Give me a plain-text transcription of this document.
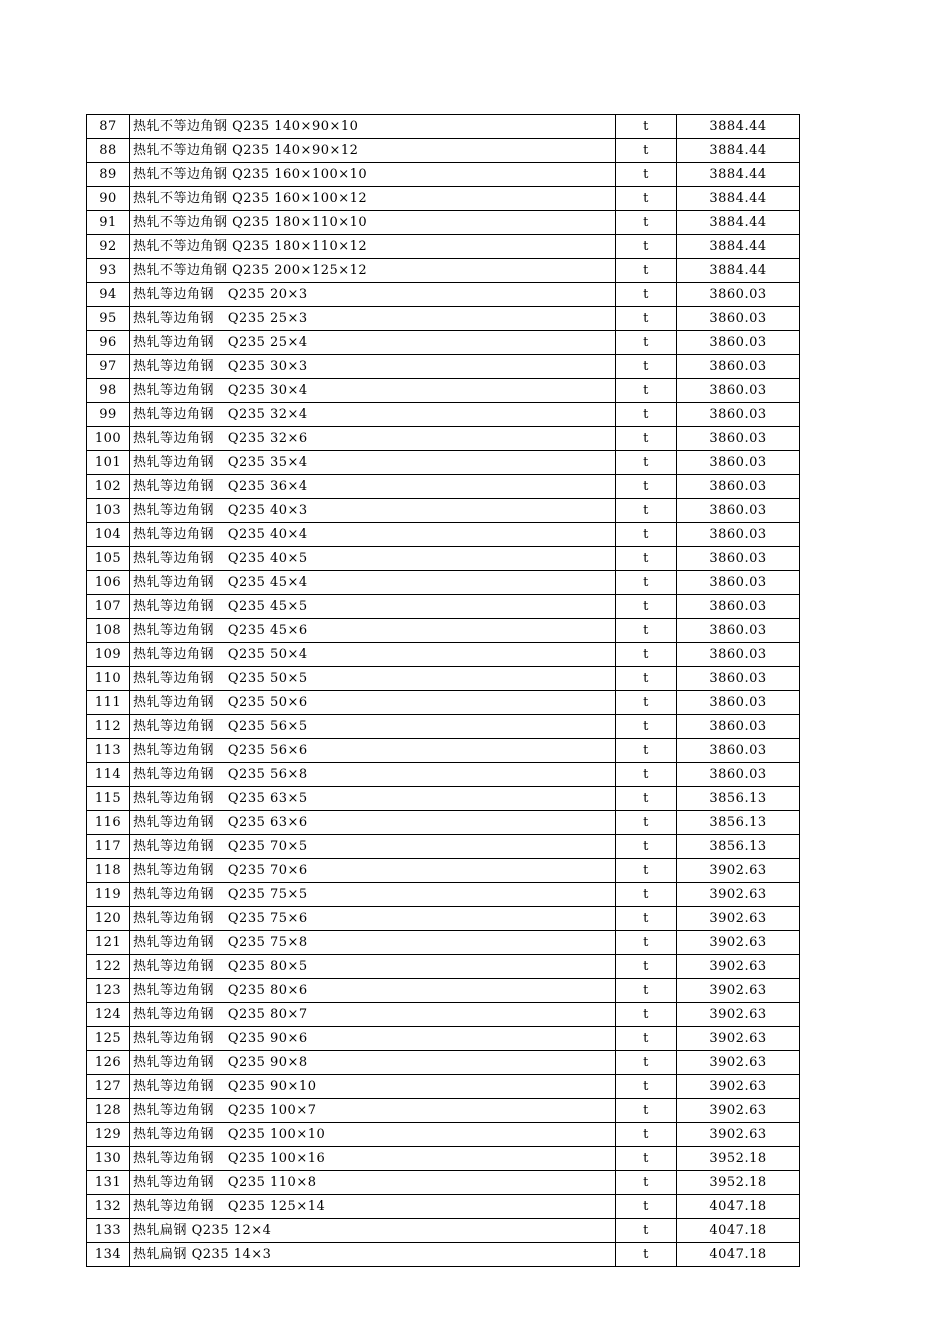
87	热轧不等边角钢 Q235 140×90×10	t	3884.44
88	热轧不等边角钢 Q235 140×90×12	t	3884.44
89	热轧不等边角钢 Q235 160×100×10	t	3884.44
90	热轧不等边角钢 Q235 160×100×12	t	3884.44
91	热轧不等边角钢 Q235 180×110×10	t	3884.44
92	热轧不等边角钢 Q235 180×110×12	t	3884.44
93	热轧不等边角钢 Q235 200×125×12	t	3884.44
94	热轧等边角钢   Q235 20×3	t	3860.03
95	热轧等边角钢   Q235 25×3	t	3860.03
96	热轧等边角钢   Q235 25×4	t	3860.03
97	热轧等边角钢   Q235 30×3	t	3860.03
98	热轧等边角钢   Q235 30×4	t	3860.03
99	热轧等边角钢   Q235 32×4	t	3860.03
100	热轧等边角钢   Q235 32×6	t	3860.03
101	热轧等边角钢   Q235 35×4	t	3860.03
102	热轧等边角钢   Q235 36×4	t	3860.03
103	热轧等边角钢   Q235 40×3	t	3860.03
104	热轧等边角钢   Q235 40×4	t	3860.03
105	热轧等边角钢   Q235 40×5	t	3860.03
106	热轧等边角钢   Q235 45×4	t	3860.03
107	热轧等边角钢   Q235 45×5	t	3860.03
108	热轧等边角钢   Q235 45×6	t	3860.03
109	热轧等边角钢   Q235 50×4	t	3860.03
110	热轧等边角钢   Q235 50×5	t	3860.03
111	热轧等边角钢   Q235 50×6	t	3860.03
112	热轧等边角钢   Q235 56×5	t	3860.03
113	热轧等边角钢   Q235 56×6	t	3860.03
114	热轧等边角钢   Q235 56×8	t	3860.03
115	热轧等边角钢   Q235 63×5	t	3856.13
116	热轧等边角钢   Q235 63×6	t	3856.13
117	热轧等边角钢   Q235 70×5	t	3856.13
118	热轧等边角钢   Q235 70×6	t	3902.63
119	热轧等边角钢   Q235 75×5	t	3902.63
120	热轧等边角钢   Q235 75×6	t	3902.63
121	热轧等边角钢   Q235 75×8	t	3902.63
122	热轧等边角钢   Q235 80×5	t	3902.63
123	热轧等边角钢   Q235 80×6	t	3902.63
124	热轧等边角钢   Q235 80×7	t	3902.63
125	热轧等边角钢   Q235 90×6	t	3902.63
126	热轧等边角钢   Q235 90×8	t	3902.63
127	热轧等边角钢   Q235 90×10	t	3902.63
128	热轧等边角钢   Q235 100×7	t	3902.63
129	热轧等边角钢   Q235 100×10	t	3902.63
130	热轧等边角钢   Q235 100×16	t	3952.18
131	热轧等边角钢   Q235 110×8	t	3952.18
132	热轧等边角钢   Q235 125×14	t	4047.18
133	热轧扁钢 Q235 12×4	t	4047.18
134	热轧扁钢 Q235 14×3	t	4047.18
